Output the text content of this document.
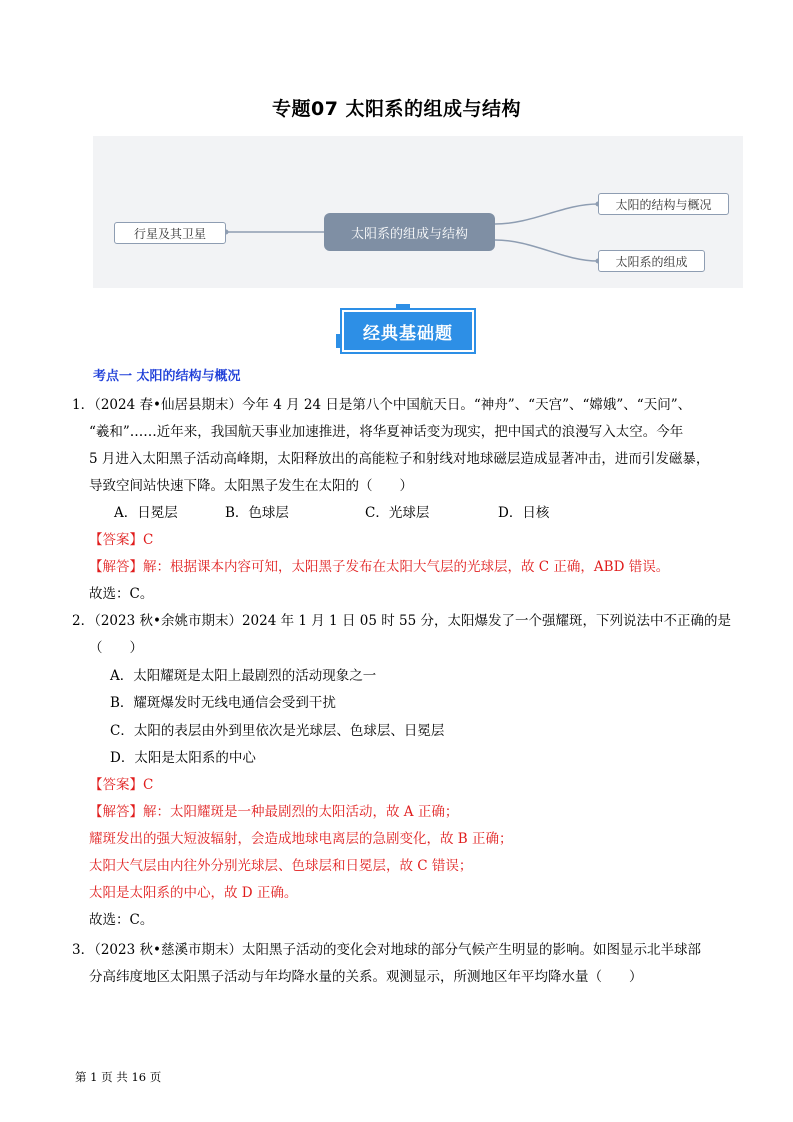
专题07 太阳系的组成与结构
行星及其卫星	太阳系的组成与结构
太阳的结构与概况
太阳系的组成
经典基础题
考点一 太阳的结构与概况
1．（2024 春•仙居县期末）今年 4 月 24 日是第八个中国航天日。“神舟”、“天宫”、“嫦娥”、“天问”、
“羲和”……近年来，我国航天事业加速推进，将华夏神话变为现实，把中国式的浪漫写入太空。今年
5 月进入太阳黑子活动高峰期，太阳释放出的高能粒子和射线对地球磁层造成显著冲击，进而引发磁暴，
导致空间站快速下降。太阳黑子发生在太阳的（　　）
A．日冕层	B．色球层	C．光球层	D．日核
【答案】C
【解答】解：根据课本内容可知，太阳黑子发布在太阳大气层的光球层，故 C 正确，ABD 错误。
故选：C。
2．（2023 秋•余姚市期末）2024 年 1 月 1 日 05 时 55 分，太阳爆发了一个强耀斑，下列说法中不正确的是
（　　）
A．太阳耀斑是太阳上最剧烈的活动现象之一
B．耀斑爆发时无线电通信会受到干扰
C．太阳的表层由外到里依次是光球层、色球层、日冕层
D．太阳是太阳系的中心
【答案】C
【解答】解：太阳耀斑是一种最剧烈的太阳活动，故 A 正确；
耀斑发出的强大短波辐射，会造成地球电离层的急剧变化，故 B 正确；
太阳大气层由内往外分别光球层、色球层和日冕层，故 C 错误；
太阳是太阳系的中心，故 D 正确。
故选：C。
3．（2023 秋•慈溪市期末）太阳黑子活动的变化会对地球的部分气候产生明显的影响。如图显示北半球部
分高纬度地区太阳黑子活动与年均降水量的关系。观测显示，所测地区年平均降水量（　　）
第 1 页 共 16 页
